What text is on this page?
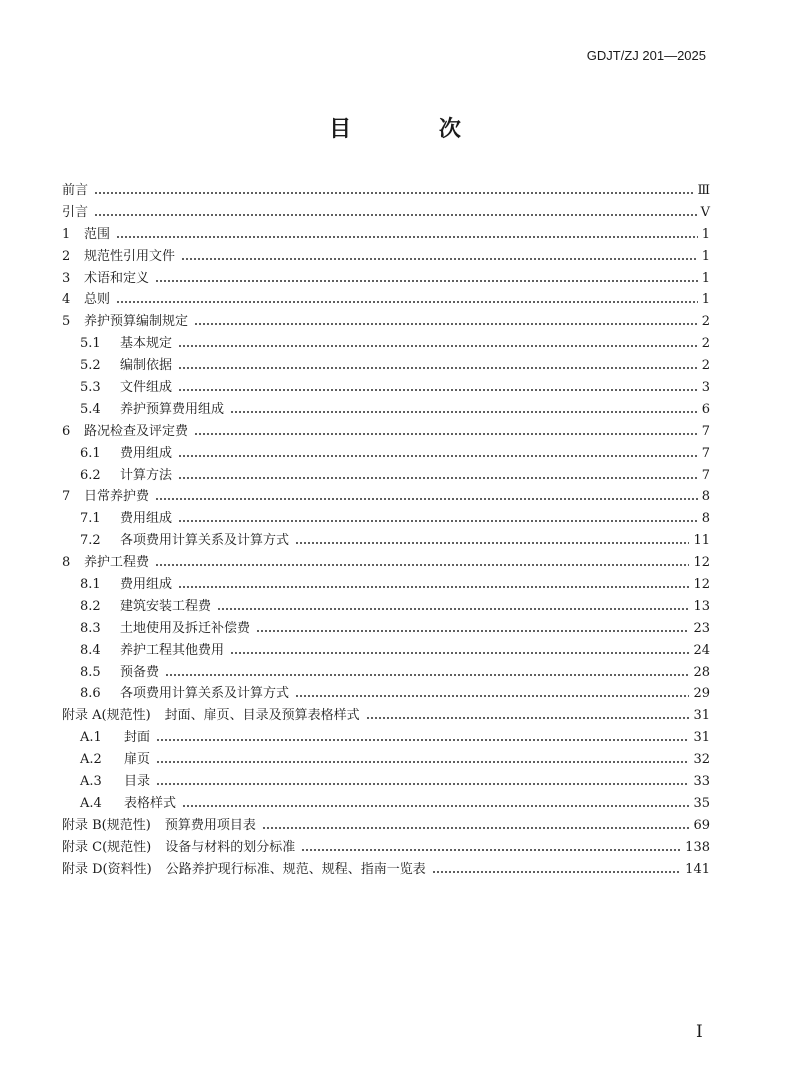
GDJT/ZJ 201—2025
目 次
前言	Ⅲ
引言	V
1	范围	1
2	规范性引用文件	1
3	术语和定义	1
4	总则	1
5	养护预算编制规定	2
5.1	基本规定	2
5.2	编制依据	2
5.3	文件组成	3
5.4	养护预算费用组成	6
6	路况检查及评定费	7
6.1	费用组成	7
6.2	计算方法	7
7	日常养护费	8
7.1	费用组成	8
7.2	各项费用计算关系及计算方式	11
8	养护工程费	12
8.1	费用组成	12
8.2	建筑安装工程费	13
8.3	土地使用及拆迁补偿费	23
8.4	养护工程其他费用	24
8.5	预备费	28
8.6	各项费用计算关系及计算方式	29
附录 A(规范性) 封面、扉页、目录及预算表格样式	31
A.1	封面	31
A.2	扉页	32
A.3	目录	33
A.4	表格样式	35
附录 B(规范性) 预算费用项目表	69
附录 C(规范性) 设备与材料的划分标准	138
附录 D(资料性) 公路养护现行标准、规范、规程、指南一览表	141
I
